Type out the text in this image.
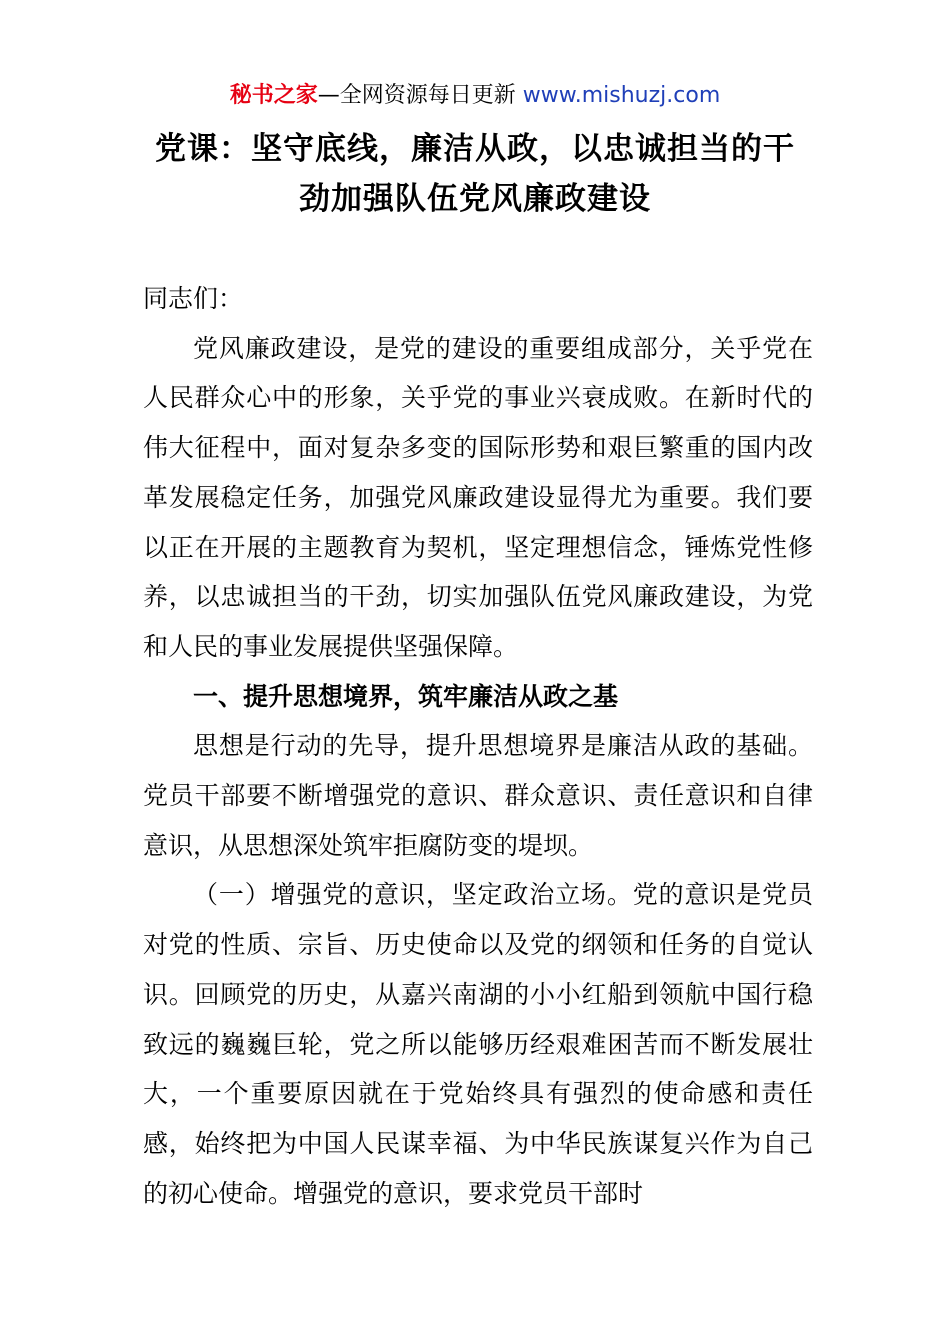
秘书之家—全网资源每日更新 www.mishuzj.com
党课：坚守底线，廉洁从政，以忠诚担当的干
劲加强队伍党风廉政建设

同志们：

党风廉政建设，是党的建设的重要组成部分，关乎党在人民群众心中的形象，关乎党的事业兴衰成败。在新时代的伟大征程中，面对复杂多变的国际形势和艰巨繁重的国内改革发展稳定任务，加强党风廉政建设显得尤为重要。我们要以正在开展的主题教育为契机，坚定理想信念，锤炼党性修养，以忠诚担当的干劲，切实加强队伍党风廉政建设，为党和人民的事业发展提供坚强保障。

一、提升思想境界，筑牢廉洁从政之基

思想是行动的先导，提升思想境界是廉洁从政的基础。党员干部要不断增强党的意识、群众意识、责任意识和自律意识，从思想深处筑牢拒腐防变的堤坝。

（一）增强党的意识，坚定政治立场。党的意识是党员对党的性质、宗旨、历史使命以及党的纲领和任务的自觉认识。回顾党的历史，从嘉兴南湖的小小红船到领航中国行稳致远的巍巍巨轮，党之所以能够历经艰难困苦而不断发展壮大，一个重要原因就在于党始终具有强烈的使命感和责任感，始终把为中国人民谋幸福、为中华民族谋复兴作为自己的初心使命。增强党的意识，要求党员干部时
